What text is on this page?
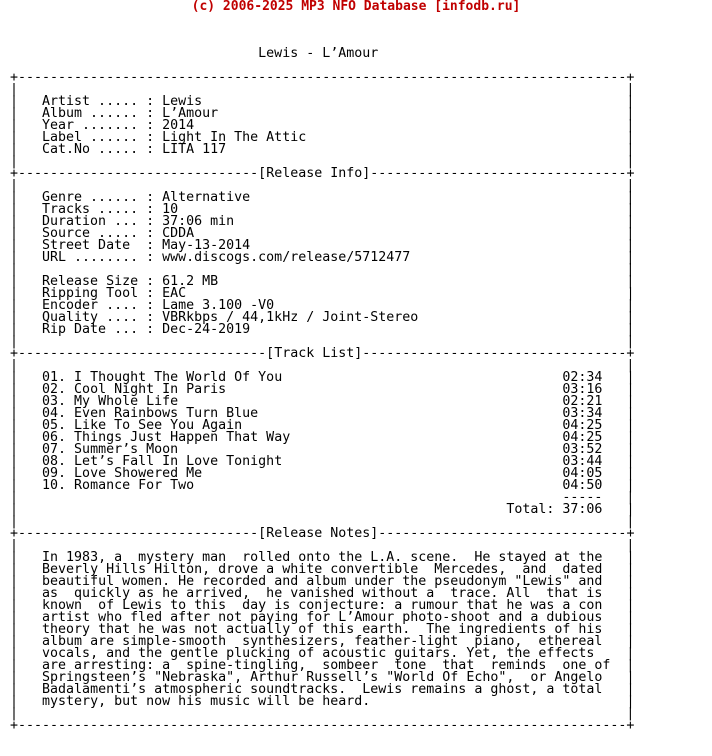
(c) 2006-2025 MP3 NFO Database [infodb.ru]
Lewis - L’Amour
+----------------------------------------------------------------------------+
|                                                                            |
|   Artist ..... : Lewis                                                     |
|   Album ...... : L’Amour                                                   |
|   Year ....... : 2014                                                      |
|   Label ...... : Light In The Attic                                        |
|   Cat.No ..... : LITA 117                                                  |
|                                                                            |
+------------------------------[Release Info]--------------------------------+
|                                                                            |
|   Genre ...... : Alternative                                               |
|   Tracks ..... : 10                                                        |
|   Duration ... : 37:06 min                                                 |
|   Source ..... : CDDA                                                      |
|   Street Date  : May-13-2014                                               |
|   URL ........ : www.discogs.com/release/5712477                           |
|                                                                            |
|   Release Size : 61.2 MB                                                   |
|   Ripping Tool : EAC                                                       |
|   Encoder .... : Lame 3.100 -V0                                            |
|   Quality .... : VBRkbps / 44,1kHz / Joint-Stereo                          |
|   Rip Date ... : Dec-24-2019                                               |
|                                                                            |
+-------------------------------[Track List]---------------------------------+
|                                                                            |
|   01. I Thought The World Of You	02:34   |
|   02. Cool Night In Paris	03:16   |
|   03. My Whole Life	02:21   |
|   04. Even Rainbows Turn Blue	03:34   |
|   05. Like To See You Again	04:25   |
|   06. Things Just Happen That Way	04:25   |
|   07. Summer’s Moon	03:52   |
|   08. Let’s Fall In Love Tonight	03:44   |
|   09. Love Showered Me	04:05   |
|   10. Romance For Two	04:50   |
|                                                                    -----   |
|                                                             Total: 37:06   |
|                                                                            |
+------------------------------[Release Notes]-------------------------------+
|                                                                            |
|   In 1983, a  mystery man  rolled onto the L.A. scene.  He stayed at the   |
|   Beverly Hills Hilton, drove a white convertible  Mercedes,  and  dated   |
|   beautiful women. He recorded and album under the pseudonym "Lewis" and   |
|   as  quickly as he arrived,  he vanished without a  trace. All  that is   |
|   known  of Lewis to this  day is conjecture: a rumour that he was a con   |
|   artist who fled after not paying for L’Amour photo-shoot and a dubious   |
|   theory that he was not actually of this earth.  The ingredients of his   |
|   album are simple-smooth  synthesizers, feather-light  piano,  ethereal   |
|   vocals, and the gentle plucking of acoustic guitars. Yet, the effects    |
|   are arresting: a  spine-tingling,  sombeer  tone  that  reminds  one of  |
|   Springsteen’s "Nebraska", Arthur Russell’s "World Of Echo",  or Angelo   |
|   Badalamenti’s atmospheric soundtracks.  Lewis remains a ghost, a total   |
|   mystery, but now his music will be heard.                                |
|                                                                            |
+----------------------------------------------------------------------------+
